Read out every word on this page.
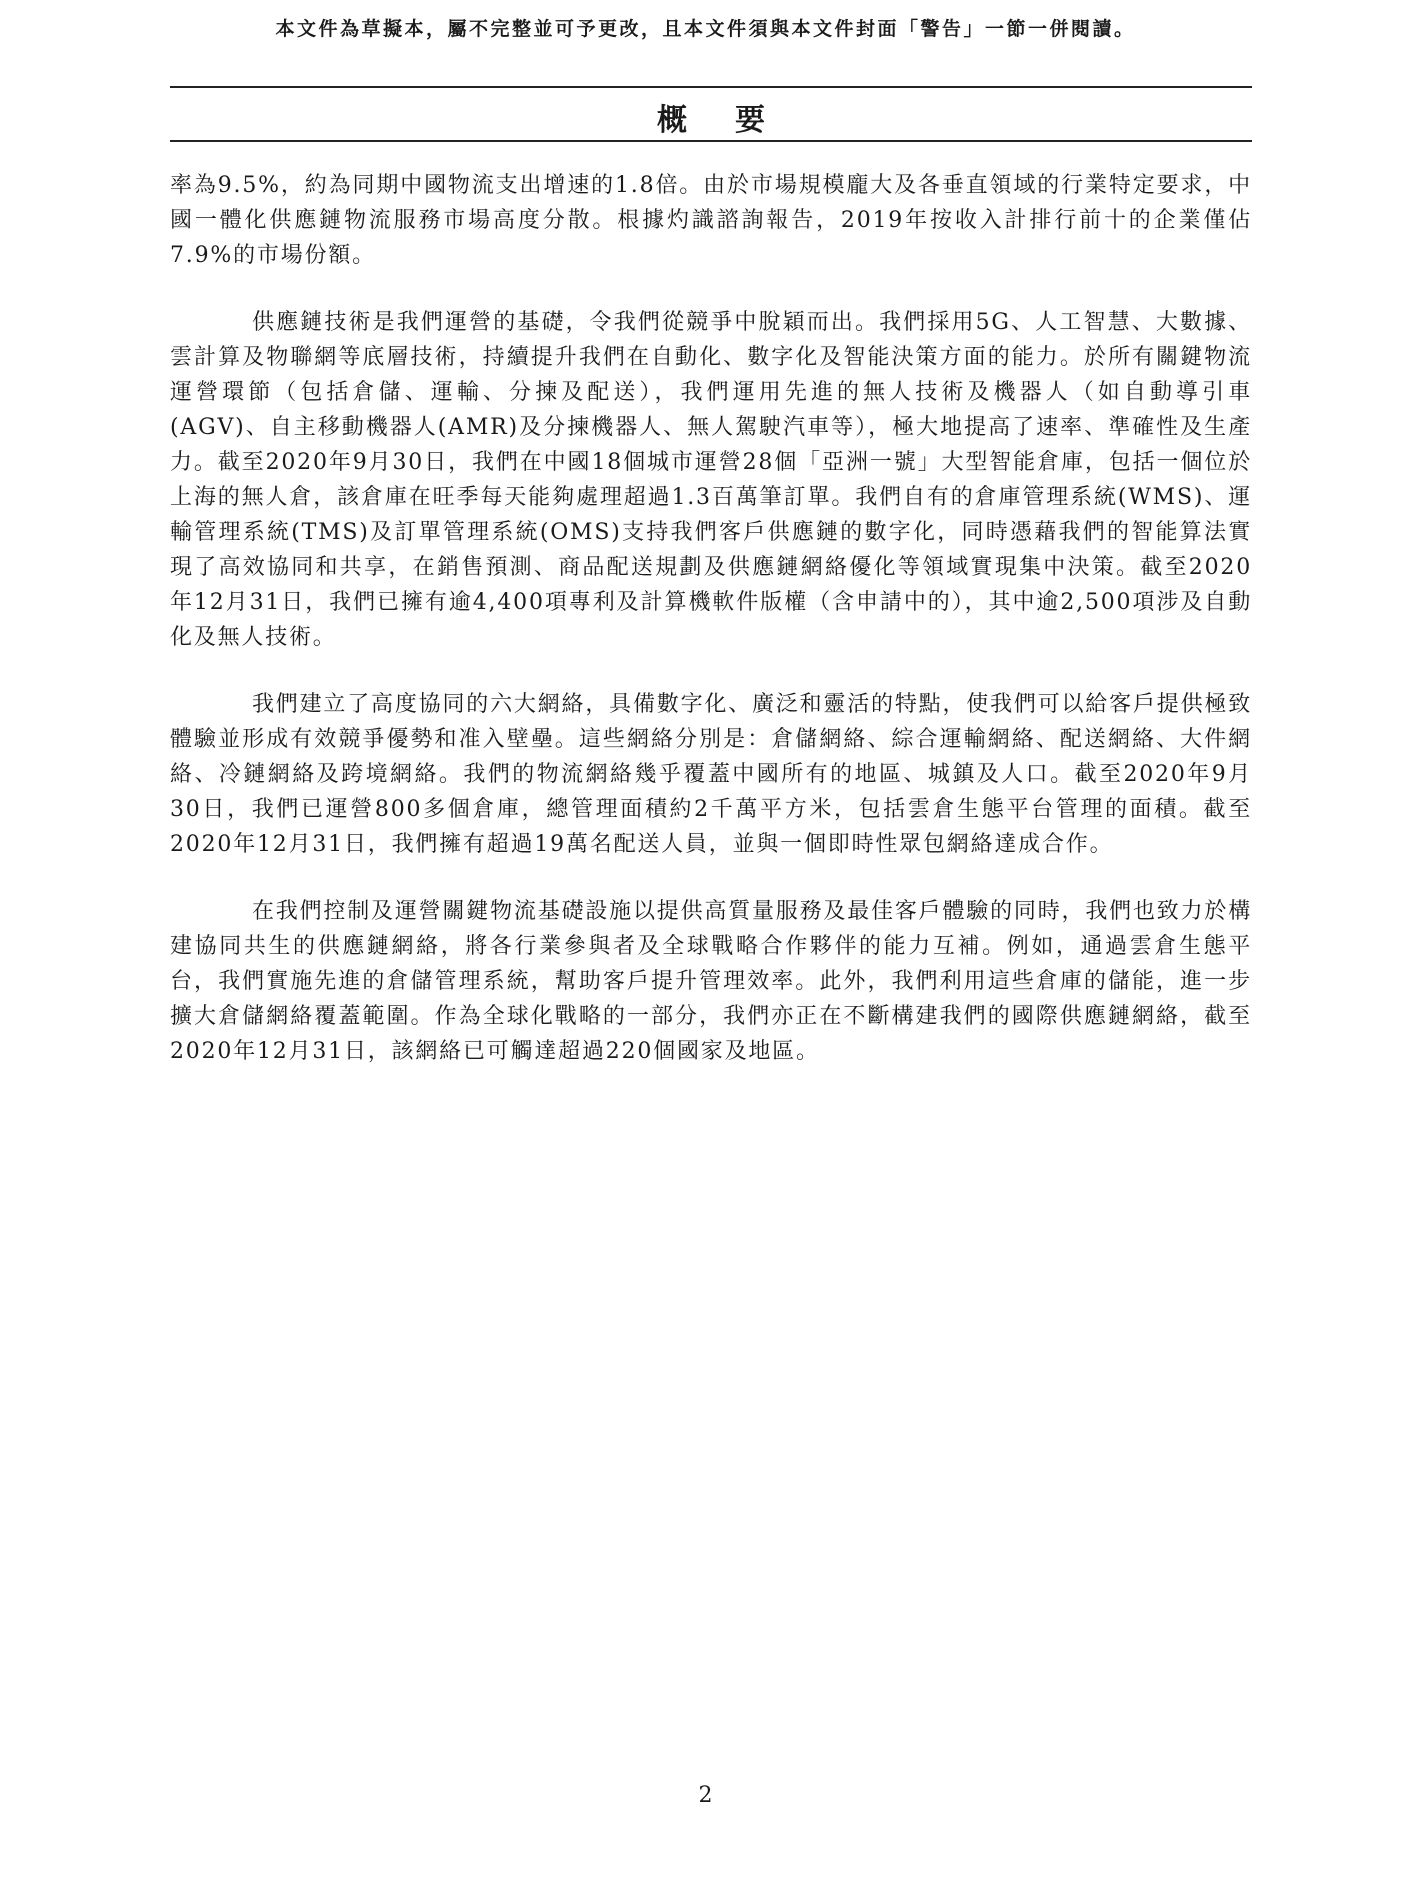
本文件為草擬本，屬不完整並可予更改，且本文件須與本文件封面「警告」一節一併閱讀。
概要

率為9.5%，約為同期中國物流支出增速的1.8倍。由於市場規模龐大及各垂直領域的行業特定要求，中國一體化供應鏈物流服務市場高度分散。根據灼識諮詢報告，2019年按收入計排行前十的企業僅佔7.9%的市場份額。

供應鏈技術是我們運營的基礎，令我們從競爭中脫穎而出。我們採用5G、人工智慧、大數據、雲計算及物聯網等底層技術，持續提升我們在自動化、數字化及智能決策方面的能力。於所有關鍵物流運營環節（包括倉儲、運輸、分揀及配送），我們運用先進的無人技術及機器人（如自動導引車(AGV)、自主移動機器人(AMR)及分揀機器人、無人駕駛汽車等），極大地提高了速率、準確性及生產力。截至2020年9月30日，我們在中國18個城市運營28個「亞洲一號」大型智能倉庫，包括一個位於上海的無人倉，該倉庫在旺季每天能夠處理超過1.3百萬筆訂單。我們自有的倉庫管理系統(WMS)、運輸管理系統(TMS)及訂單管理系統(OMS)支持我們客戶供應鏈的數字化，同時憑藉我們的智能算法實現了高效協同和共享，在銷售預測、商品配送規劃及供應鏈網絡優化等領域實現集中決策。截至2020年12月31日，我們已擁有逾4,400項專利及計算機軟件版權（含申請中的），其中逾2,500項涉及自動化及無人技術。

我們建立了高度協同的六大網絡，具備數字化、廣泛和靈活的特點，使我們可以給客戶提供極致體驗並形成有效競爭優勢和准入壁壘。這些網絡分別是：倉儲網絡、綜合運輸網絡、配送網絡、大件網絡、冷鏈網絡及跨境網絡。我們的物流網絡幾乎覆蓋中國所有的地區、城鎮及人口。截至2020年9月30日，我們已運營800多個倉庫，總管理面積約2千萬平方米，包括雲倉生態平台管理的面積。截至2020年12月31日，我們擁有超過19萬名配送人員，並與一個即時性眾包網絡達成合作。

在我們控制及運營關鍵物流基礎設施以提供高質量服務及最佳客戶體驗的同時，我們也致力於構建協同共生的供應鏈網絡，將各行業參與者及全球戰略合作夥伴的能力互補。例如，通過雲倉生態平台，我們實施先進的倉儲管理系統，幫助客戶提升管理效率。此外，我們利用這些倉庫的儲能，進一步擴大倉儲網絡覆蓋範圍。作為全球化戰略的一部分，我們亦正在不斷構建我們的國際供應鏈網絡，截至2020年12月31日，該網絡已可觸達超過220個國家及地區。

2
